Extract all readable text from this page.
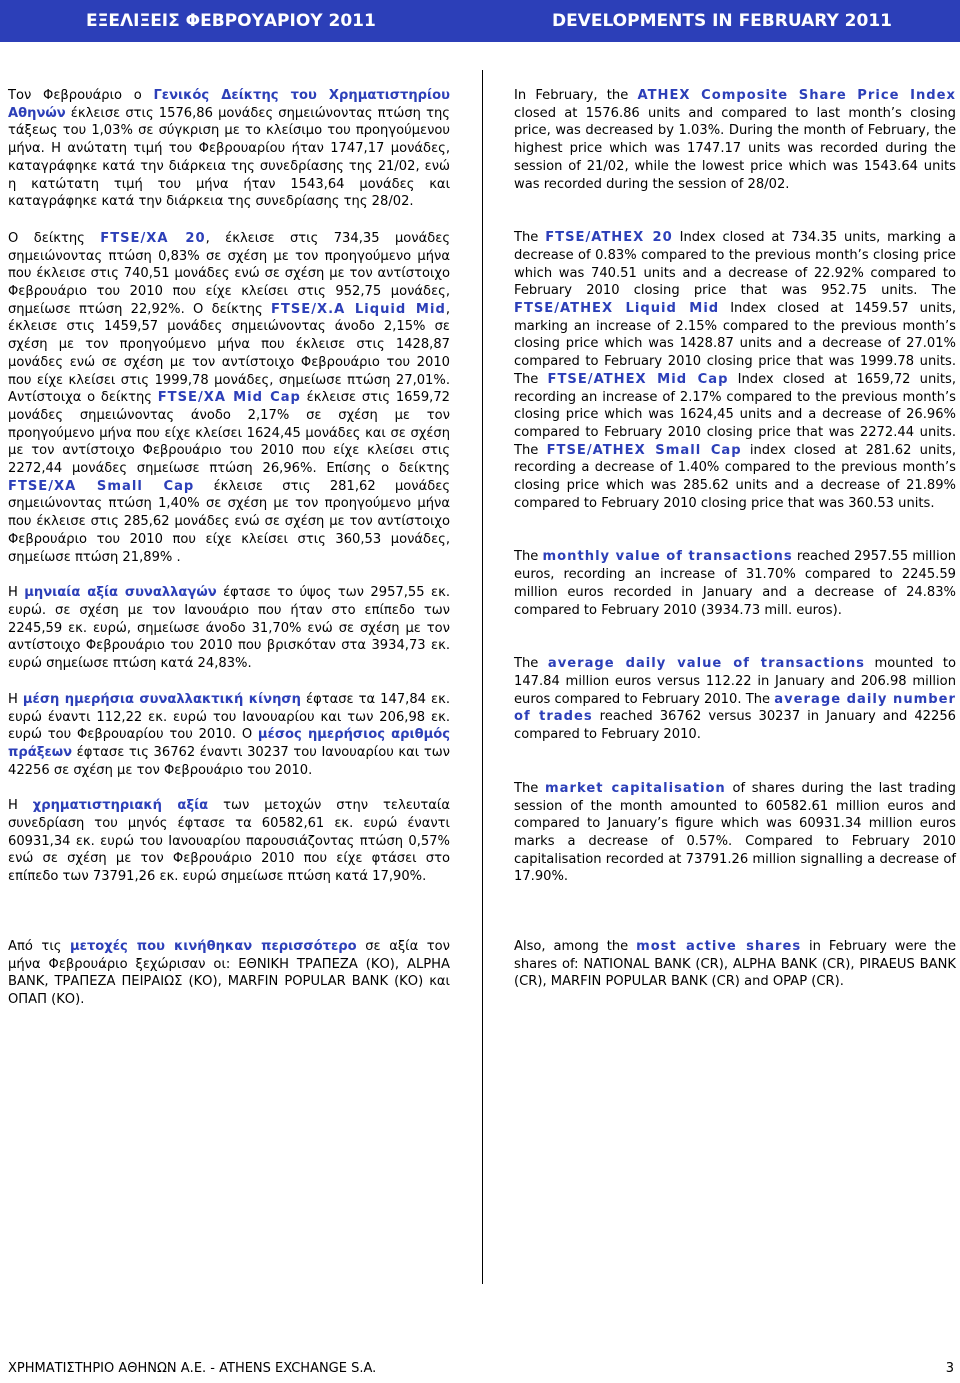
ΕΞΕΛΙΞΕΙΣ ΦΕΒΡΟΥΑΡΙΟΥ 2011	DEVELOPMENTS IN FEBRUARY 2011

Τον Φεβρουάριο ο Γενικός Δείκτης του Χρηματιστηρίου Αθηνών έκλεισε στις 1576,86 μονάδες σημειώνοντας πτώση της τάξεως του 1,03% σε σύγκριση με το κλείσιμο του προηγούμενου μήνα. Η ανώτατη τιμή του Φεβρουαρίου ήταν 1747,17 μονάδες, καταγράφηκε κατά την διάρκεια της συνεδρίασης της 21/02, ενώ η κατώτατη τιμή του μήνα ήταν 1543,64 μονάδες και καταγράφηκε κατά την διάρκεια της συνεδρίασης της 28/02.

Ο δείκτης FTSE/XA 20, έκλεισε στις 734,35 μονάδες σημειώνοντας πτώση 0,83% σε σχέση με τον προηγούμενο μήνα που έκλεισε στις 740,51 μονάδες ενώ σε σχέση με τον αντίστοιχο Φεβρουάριο του 2010 που είχε κλείσει στις 952,75 μονάδες, σημείωσε πτώση 22,92%. Ο δείκτης FTSE/X.A Liquid Mid, έκλεισε στις 1459,57 μονάδες σημειώνοντας άνοδο 2,15% σε σχέση με τον προηγούμενο μήνα που έκλεισε στις 1428,87 μονάδες ενώ σε σχέση με τον αντίστοιχο Φεβρουάριο του 2010 που είχε κλείσει στις 1999,78 μονάδες, σημείωσε πτώση 27,01%. Αντίστοιχα ο δείκτης FTSE/XA Mid Cap έκλεισε στις 1659,72 μονάδες σημειώνοντας άνοδο 2,17% σε σχέση με τον προηγούμενο μήνα που είχε κλείσει 1624,45 μονάδες και σε σχέση με τον αντίστοιχο Φεβρουάριο του 2010 που είχε κλείσει στις 2272,44 μονάδες σημείωσε πτώση 26,96%. Επίσης ο δείκτης FTSE/XA Small Cap έκλεισε στις 281,62 μονάδες σημειώνοντας πτώση 1,40% σε σχέση με τον προηγούμενο μήνα που έκλεισε στις 285,62 μονάδες ενώ σε σχέση με τον αντίστοιχο Φεβρουάριο του 2010 που είχε κλείσει στις 360,53 μονάδες, σημείωσε πτώση 21,89% .

Η μηνιαία αξία συναλλαγών έφτασε το ύψος των 2957,55 εκ. ευρώ. σε σχέση με τον Ιανουάριο που ήταν στο επίπεδο των 2245,59 εκ. ευρώ, σημείωσε άνοδο 31,70% ενώ σε σχέση με τον αντίστοιχο Φεβρουάριο του 2010 που βρισκόταν στα 3934,73 εκ. ευρώ σημείωσε πτώση κατά 24,83%.

Η μέση ημερήσια συναλλακτική κίνηση έφτασε τα 147,84 εκ. ευρώ έναντι 112,22 εκ. ευρώ του Ιανουαρίου και των 206,98 εκ. ευρώ του Φεβρουαρίου του 2010. Ο μέσος ημερήσιος αριθμός πράξεων έφτασε τις 36762 έναντι 30237 του Ιανουαρίου και των 42256 σε σχέση με τον Φεβρουάριο του 2010.

Η χρηματιστηριακή αξία των μετοχών στην τελευταία συνεδρίαση του μηνός έφτασε τα 60582,61 εκ. ευρώ έναντι 60931,34 εκ. ευρώ του Ιανουαρίου παρουσιάζοντας πτώση 0,57% ενώ σε σχέση με τον Φεβρουάριο 2010 που είχε φτάσει στο επίπεδο των 73791,26 εκ. ευρώ σημείωσε πτώση κατά 17,90%.

Από τις μετοχές που κινήθηκαν περισσότερο σε αξία τον μήνα Φεβρουάριο ξεχώρισαν οι: ΕΘΝΙΚΗ ΤΡΑΠΕΖΑ (ΚΟ), ALPHA BANK, ΤΡΑΠΕΖΑ ΠΕΙΡΑΙΩΣ (ΚΟ), MARFIN POPULAR BANK (ΚΟ) και ΟΠΑΠ (ΚΟ).

In February, the ATHEX Composite Share Price Index closed at 1576.86 units and compared to last month’s closing price, was decreased by 1.03%. During the month of February, the highest price which was 1747.17 units was recorded during the session of 21/02, while the lowest price which was 1543.64 units was recorded during the session of 28/02.

The FTSE/ATHEX 20 Index closed at 734.35 units, marking a decrease of 0.83% compared to the previous month’s closing price which was 740.51 units and a decrease of 22.92% compared to February 2010 closing price that was 952.75 units. The FTSE/ATHEX Liquid Mid Index closed at 1459.57 units, marking an increase of 2.15% compared to the previous month’s closing price which was 1428.87 units and a decrease of 27.01% compared to February 2010 closing price that was 1999.78 units. The FTSE/ATHEX Mid Cap Index closed at 1659,72 units, recording an increase of 2.17% compared to the previous month’s closing price which was 1624,45 units and a decrease of 26.96% compared to February 2010 closing price that was 2272.44 units. The FTSE/ATHEX Small Cap index closed at 281.62 units, recording a decrease of 1.40% compared to the previous month’s closing price which was 285.62 units and a decrease of 21.89% compared to February 2010 closing price that was 360.53 units.

The monthly value of transactions reached 2957.55 million euros, recording an increase of 31.70% compared to 2245.59 million euros recorded in January and a decrease of 24.83% compared to February 2010 (3934.73 mill. euros).

The average daily value of transactions mounted to 147.84 million euros versus 112.22 in January and 206.98 million euros compared to February 2010. The average daily number of trades reached 36762 versus 30237 in January and 42256 compared to February 2010.

The market capitalisation of shares during the last trading session of the month amounted to 60582.61 million euros and compared to January’s figure which was 60931.34 million euros marks a decrease of 0.57%. Compared to February 2010 capitalisation recorded at 73791.26 million signalling a decrease of 17.90%.

Also, among the most active shares in February were the shares of: NATIONAL BANK (CR), ALPHA BANK (CR), PIRAEUS BANK (CR), MARFIN POPULAR BANK (CR) and OPAP (CR).

ΧΡΗΜΑΤΙΣΤΗΡΙΟ ΑΘΗΝΩΝ Α.Ε. - ATHENS EXCHANGE S.A.	3
